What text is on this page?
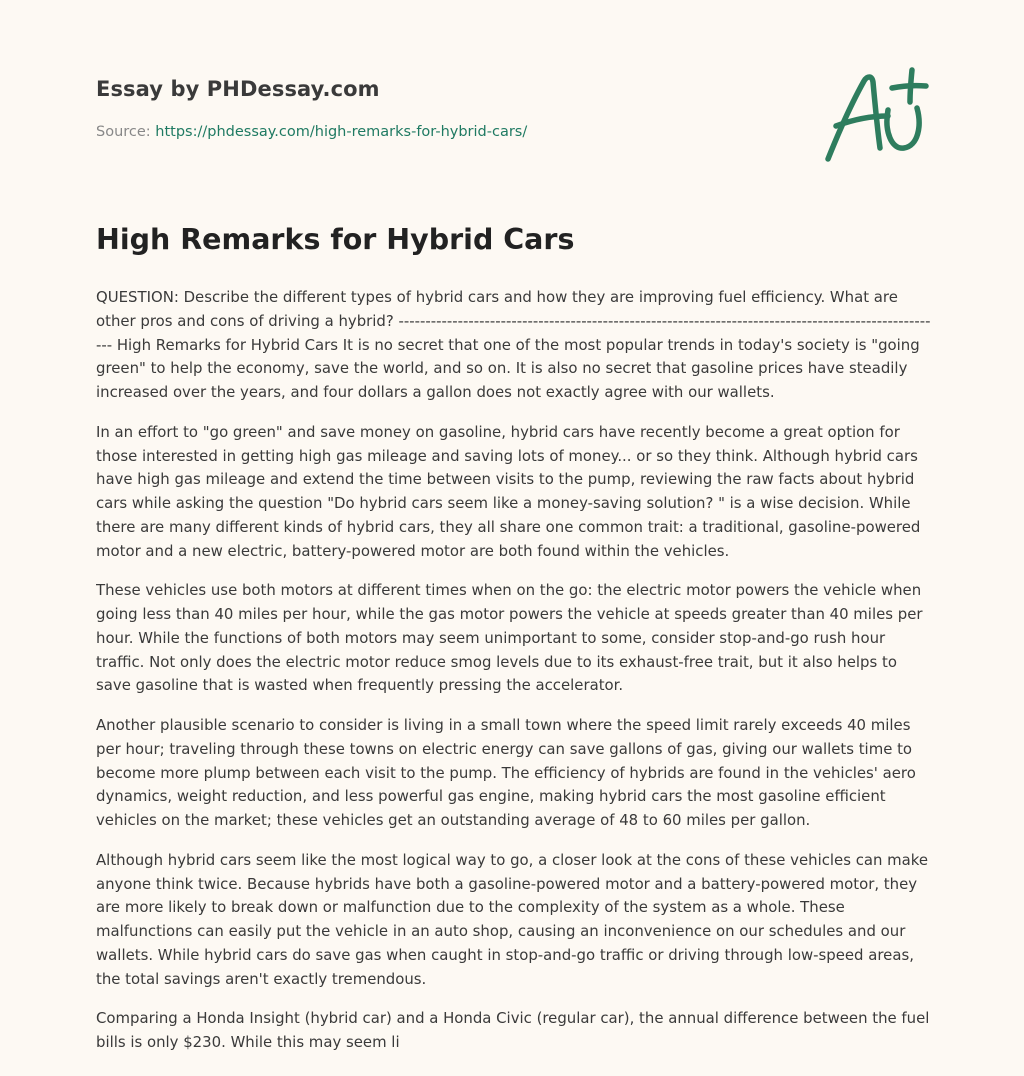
Essay by PHDessay.com
Source: https://phdessay.com/high-remarks-for-hybrid-cars/
High Remarks for Hybrid Cars

QUESTION: Describe the different types of hybrid cars and how they are improving fuel efficiency. What are other pros and cons of driving a hybrid? ------------------------------------------------------------------------------------------------------ High Remarks for Hybrid Cars It is no secret that one of the most popular trends in today's society is "going green" to help the economy, save the world, and so on. It is also no secret that gasoline prices have steadily increased over the years, and four dollars a gallon does not exactly agree with our wallets.

In an effort to "go green" and save money on gasoline, hybrid cars have recently become a great option for those interested in getting high gas mileage and saving lots of money... or so they think. Although hybrid cars have high gas mileage and extend the time between visits to the pump, reviewing the raw facts about hybrid cars while asking the question "Do hybrid cars seem like a money-saving solution? " is a wise decision. While there are many different kinds of hybrid cars, they all share one common trait: a traditional, gasoline-powered motor and a new electric, battery-powered motor are both found within the vehicles.

These vehicles use both motors at different times when on the go: the electric motor powers the vehicle when going less than 40 miles per hour, while the gas motor powers the vehicle at speeds greater than 40 miles per hour. While the functions of both motors may seem unimportant to some, consider stop-and-go rush hour traffic. Not only does the electric motor reduce smog levels due to its exhaust-free trait, but it also helps to save gasoline that is wasted when frequently pressing the accelerator.

Another plausible scenario to consider is living in a small town where the speed limit rarely exceeds 40 miles per hour; traveling through these towns on electric energy can save gallons of gas, giving our wallets time to become more plump between each visit to the pump. The efficiency of hybrids are found in the vehicles' aero dynamics, weight reduction, and less powerful gas engine, making hybrid cars the most gasoline efficient vehicles on the market; these vehicles get an outstanding average of 48 to 60 miles per gallon.

Although hybrid cars seem like the most logical way to go, a closer look at the cons of these vehicles can make anyone think twice. Because hybrids have both a gasoline-powered motor and a battery-powered motor, they are more likely to break down or malfunction due to the complexity of the system as a whole. These malfunctions can easily put the vehicle in an auto shop, causing an inconvenience on our schedules and our wallets. While hybrid cars do save gas when caught in stop-and-go traffic or driving through low-speed areas, the total savings aren't exactly tremendous.

Comparing a Honda Insight (hybrid car) and a Honda Civic (regular car), the annual difference between the fuel bills is only $230. While this may seem li
